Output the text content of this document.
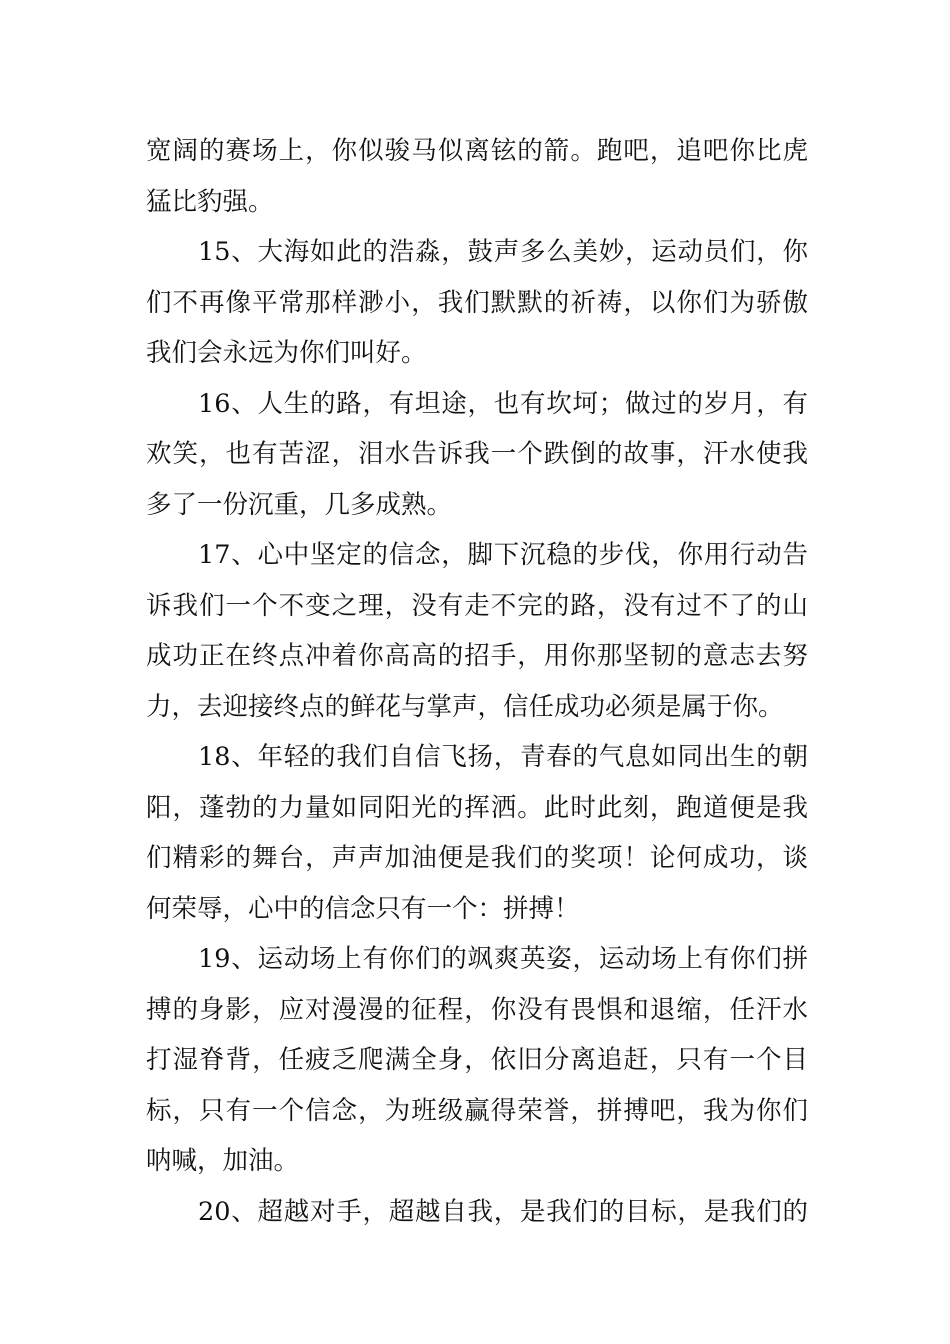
宽阔的赛场上，你似骏马似离铉的箭。跑吧，追吧你比虎
猛比豹强。
15、大海如此的浩淼，鼓声多么美妙，运动员们，你
们不再像平常那样渺小，我们默默的祈祷，以你们为骄傲
我们会永远为你们叫好。
16、人生的路，有坦途，也有坎坷；做过的岁月，有
欢笑，也有苦涩，泪水告诉我一个跌倒的故事，汗水使我
多了一份沉重，几多成熟。
17、心中坚定的信念，脚下沉稳的步伐，你用行动告
诉我们一个不变之理，没有走不完的路，没有过不了的山
成功正在终点冲着你高高的招手，用你那坚韧的意志去努
力，去迎接终点的鲜花与掌声，信任成功必须是属于你。
18、年轻的我们自信飞扬，青春的气息如同出生的朝
阳，蓬勃的力量如同阳光的挥洒。此时此刻，跑道便是我
们精彩的舞台，声声加油便是我们的奖项！论何成功，谈
何荣辱，心中的信念只有一个：拼搏！
19、运动场上有你们的飒爽英姿，运动场上有你们拼
搏的身影，应对漫漫的征程，你没有畏惧和退缩，任汗水
打湿脊背，任疲乏爬满全身，依旧分离追赶，只有一个目
标，只有一个信念，为班级赢得荣誉，拼搏吧，我为你们
呐喊，加油。
20、超越对手，超越自我，是我们的目标，是我们的
